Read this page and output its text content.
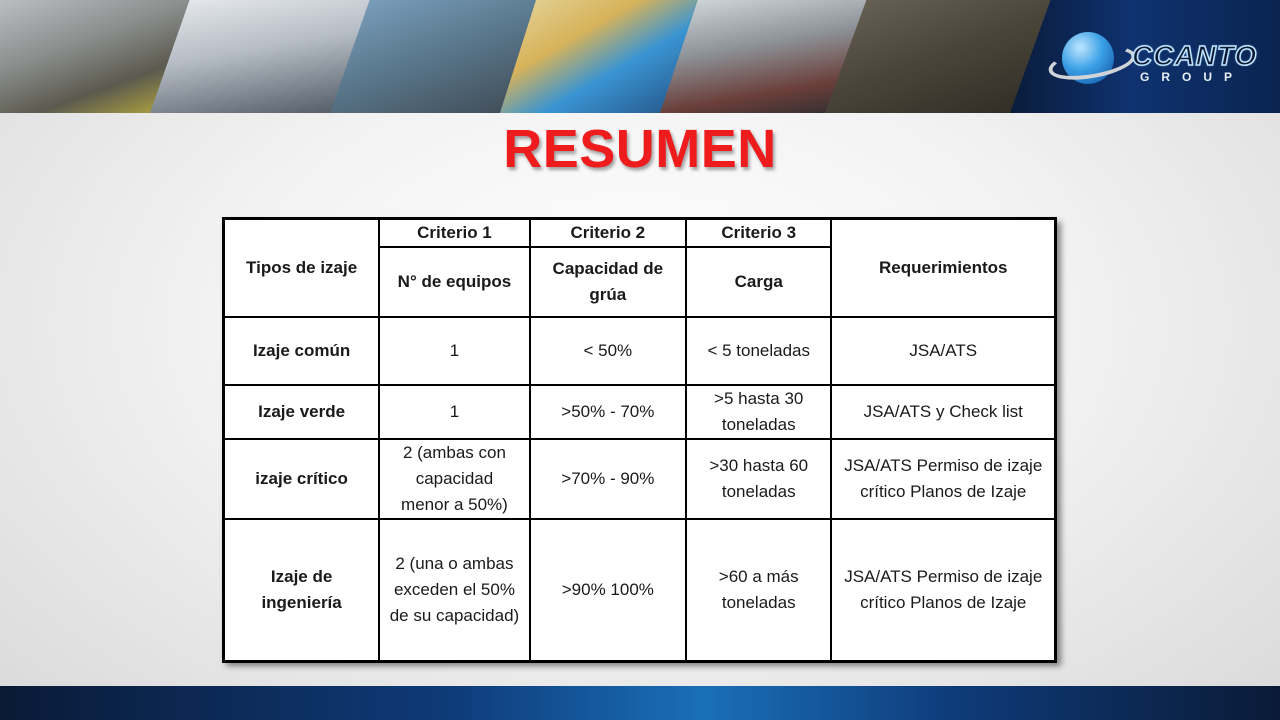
CCANTO
GROUP
RESUMEN
Tipos de izaje	Criterio 1	Criterio 2	Criterio 3	Requerimientos
	N° de equipos	Capacidad de grúa	Carga	
Izaje común	1	< 50%	< 5 toneladas	JSA/ATS
Izaje verde	1	>50% - 70%	>5 hasta 30 toneladas	JSA/ATS y Check list
izaje crítico	2 (ambas con capacidad menor a 50%)	>70% - 90%	>30 hasta 60 toneladas	JSA/ATS Permiso de izaje crítico Planos de Izaje
Izaje de ingeniería	2 (una o ambas exceden el 50% de su capacidad)	>90% 100%	>60 a más toneladas	JSA/ATS Permiso de izaje crítico Planos de Izaje
